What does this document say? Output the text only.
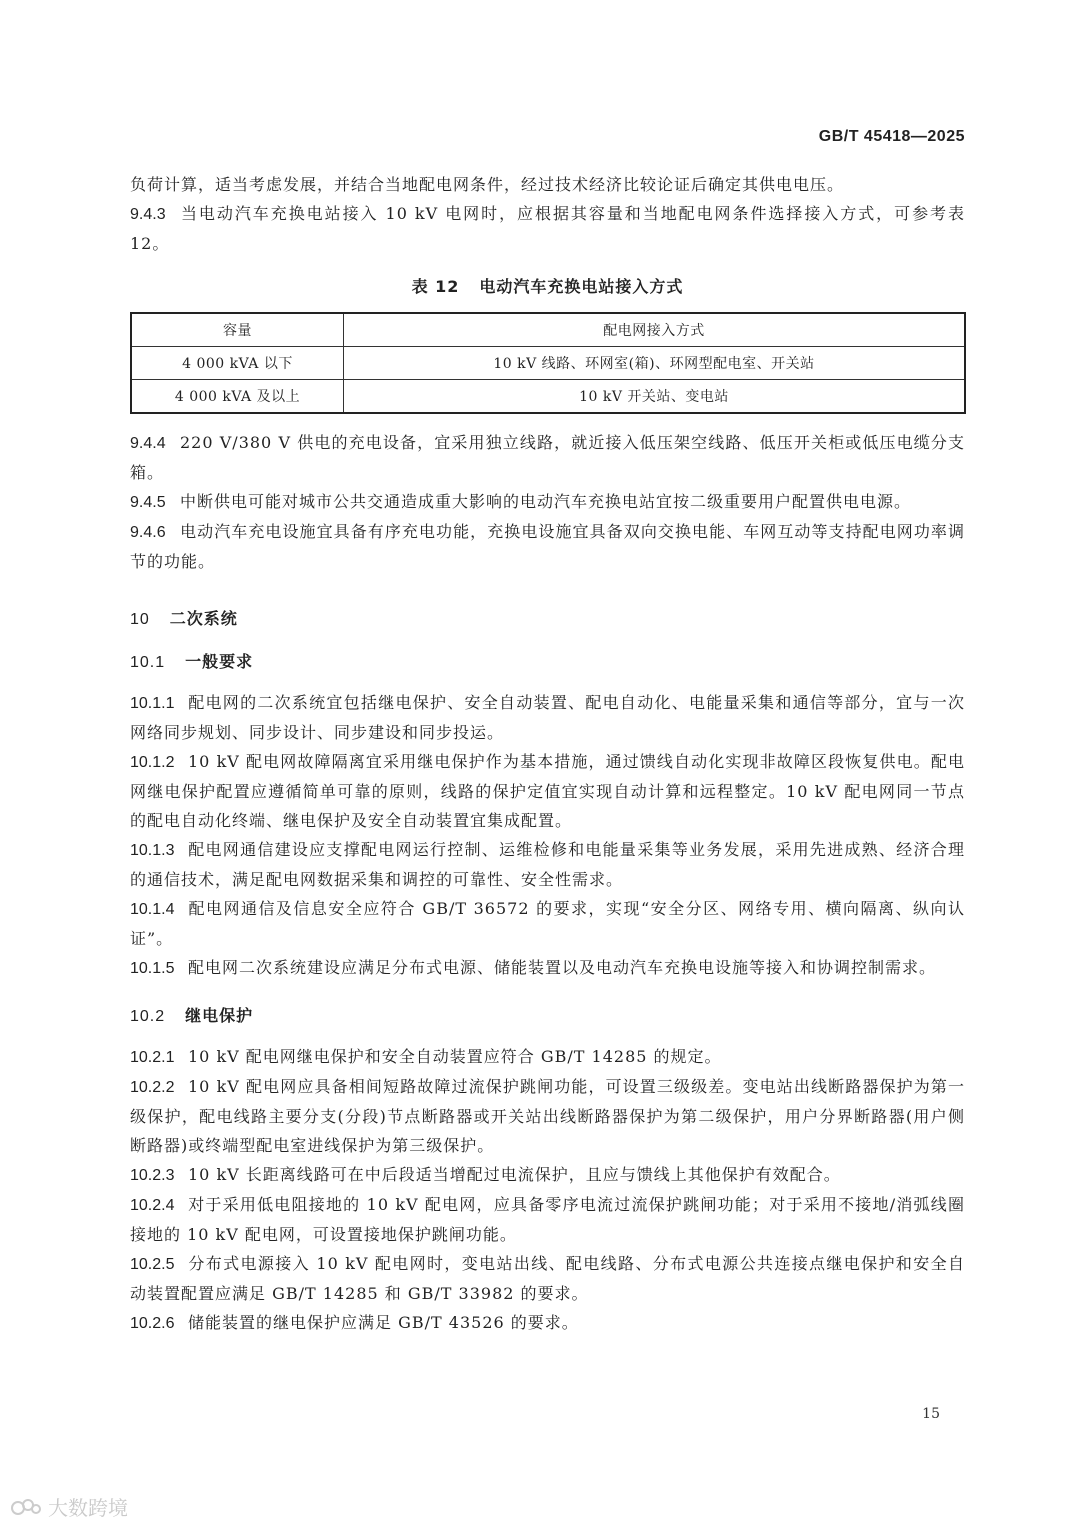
GB/T 45418—2025

负荷计算，适当考虑发展，并结合当地配电网条件，经过技术经济比较论证后确定其供电电压。

9.4.3 当电动汽车充换电站接入 10 kV 电网时，应根据其容量和当地配电网条件选择接入方式，可参考表 12。

表 12 电动汽车充换电站接入方式
容量	配电网接入方式
4 000 kVA 以下	10 kV 线路、环网室(箱)、环网型配电室、开关站
4 000 kVA 及以上	10 kV 开关站、变电站

9.4.4 220 V/380 V 供电的充电设备，宜采用独立线路，就近接入低压架空线路、低压开关柜或低压电缆分支箱。

9.4.5 中断供电可能对城市公共交通造成重大影响的电动汽车充换电站宜按二级重要用户配置供电电源。

9.4.6 电动汽车充电设施宜具备有序充电功能，充换电设施宜具备双向交换电能、车网互动等支持配电网功率调节的功能。

10 二次系统
10.1 一般要求

10.1.1 配电网的二次系统宜包括继电保护、安全自动装置、配电自动化、电能量采集和通信等部分，宜与一次网络同步规划、同步设计、同步建设和同步投运。

10.1.2 10 kV 配电网故障隔离宜采用继电保护作为基本措施，通过馈线自动化实现非故障区段恢复供电。配电网继电保护配置应遵循简单可靠的原则，线路的保护定值宜实现自动计算和远程整定。10 kV 配电网同一节点的配电自动化终端、继电保护及安全自动装置宜集成配置。

10.1.3 配电网通信建设应支撑配电网运行控制、运维检修和电能量采集等业务发展，采用先进成熟、经济合理的通信技术，满足配电网数据采集和调控的可靠性、安全性需求。

10.1.4 配电网通信及信息安全应符合 GB/T 36572 的要求，实现“安全分区、网络专用、横向隔离、纵向认证”。

10.1.5 配电网二次系统建设应满足分布式电源、储能装置以及电动汽车充换电设施等接入和协调控制需求。

10.2 继电保护

10.2.1 10 kV 配电网继电保护和安全自动装置应符合 GB/T 14285 的规定。

10.2.2 10 kV 配电网应具备相间短路故障过流保护跳闸功能，可设置三级级差。变电站出线断路器保护为第一级保护，配电线路主要分支(分段)节点断路器或开关站出线断路器保护为第二级保护，用户分界断路器(用户侧断路器)或终端型配电室进线保护为第三级保护。

10.2.3 10 kV 长距离线路可在中后段适当增配过电流保护，且应与馈线上其他保护有效配合。

10.2.4 对于采用低电阻接地的 10 kV 配电网，应具备零序电流过流保护跳闸功能；对于采用不接地/消弧线圈接地的 10 kV 配电网，可设置接地保护跳闸功能。

10.2.5 分布式电源接入 10 kV 配电网时，变电站出线、配电线路、分布式电源公共连接点继电保护和安全自动装置配置应满足 GB/T 14285 和 GB/T 33982 的要求。

10.2.6 储能装置的继电保护应满足 GB/T 43526 的要求。

15
大数跨境
